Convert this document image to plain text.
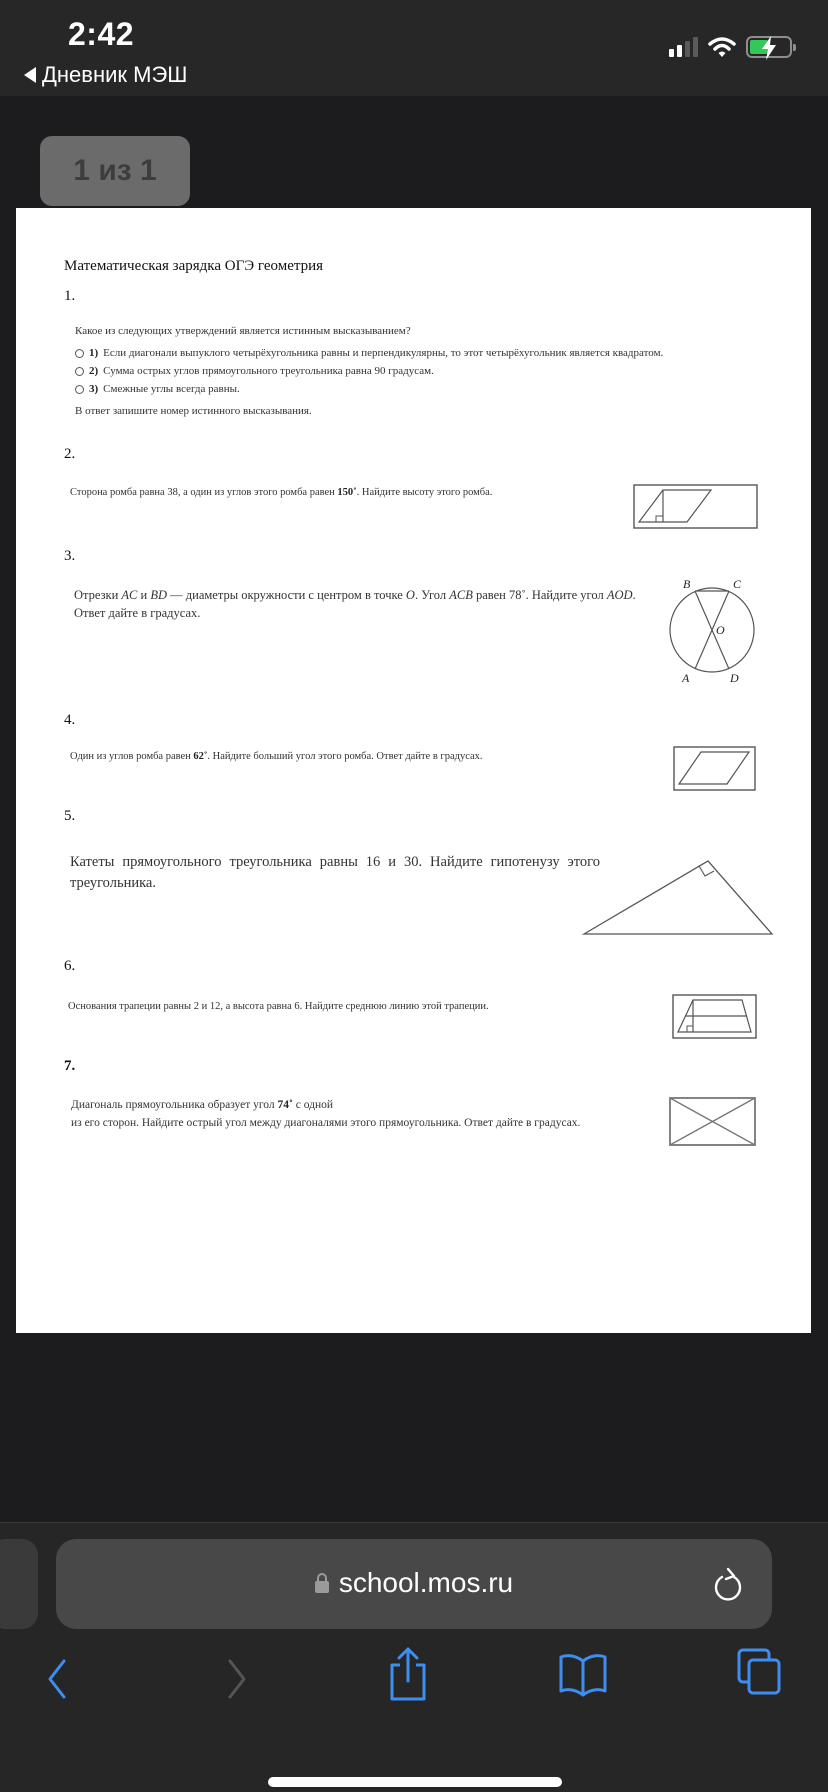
2:42
Дневник МЭШ
1 из 1
Математическая зарядка ОГЭ геометрия
1.
Какое из следующих утверждений является истинным высказыванием?
1) Если диагонали выпуклого четырёхугольника равны и перпендикулярны, то этот четырёхугольник является квадратом.
2) Сумма острых углов прямоугольного треугольника равна 90 градусам.
3) Смежные углы всегда равны.
В ответ запишите номер истинного высказывания.
2.
Сторона ромба равна 38, а один из углов этого ромба равен 150˚. Найдите высоту этого ромба.
3.
Отрезки AC и BD — диаметры окружности с центром в точке O. Угол ACB равен 78˚. Найдите угол AOD. Ответ дайте в градусах.
B	C
O
A	D
4.
Один из углов ромба равен 62˚. Найдите больший угол этого ромба. Ответ дайте в градусах.
5.
Катеты прямоугольного треугольника равны 16 и 30. Найдите гипотенузу этого треугольника.
6.
Основания трапеции равны 2 и 12, а высота равна 6. Найдите среднюю линию этой трапеции.
7.
Диагональ прямоугольника образует угол 74˚ с одной
из его сторон. Найдите острый угол между диагоналями этого прямоугольника. Ответ дайте в градусах.
school.mos.ru
